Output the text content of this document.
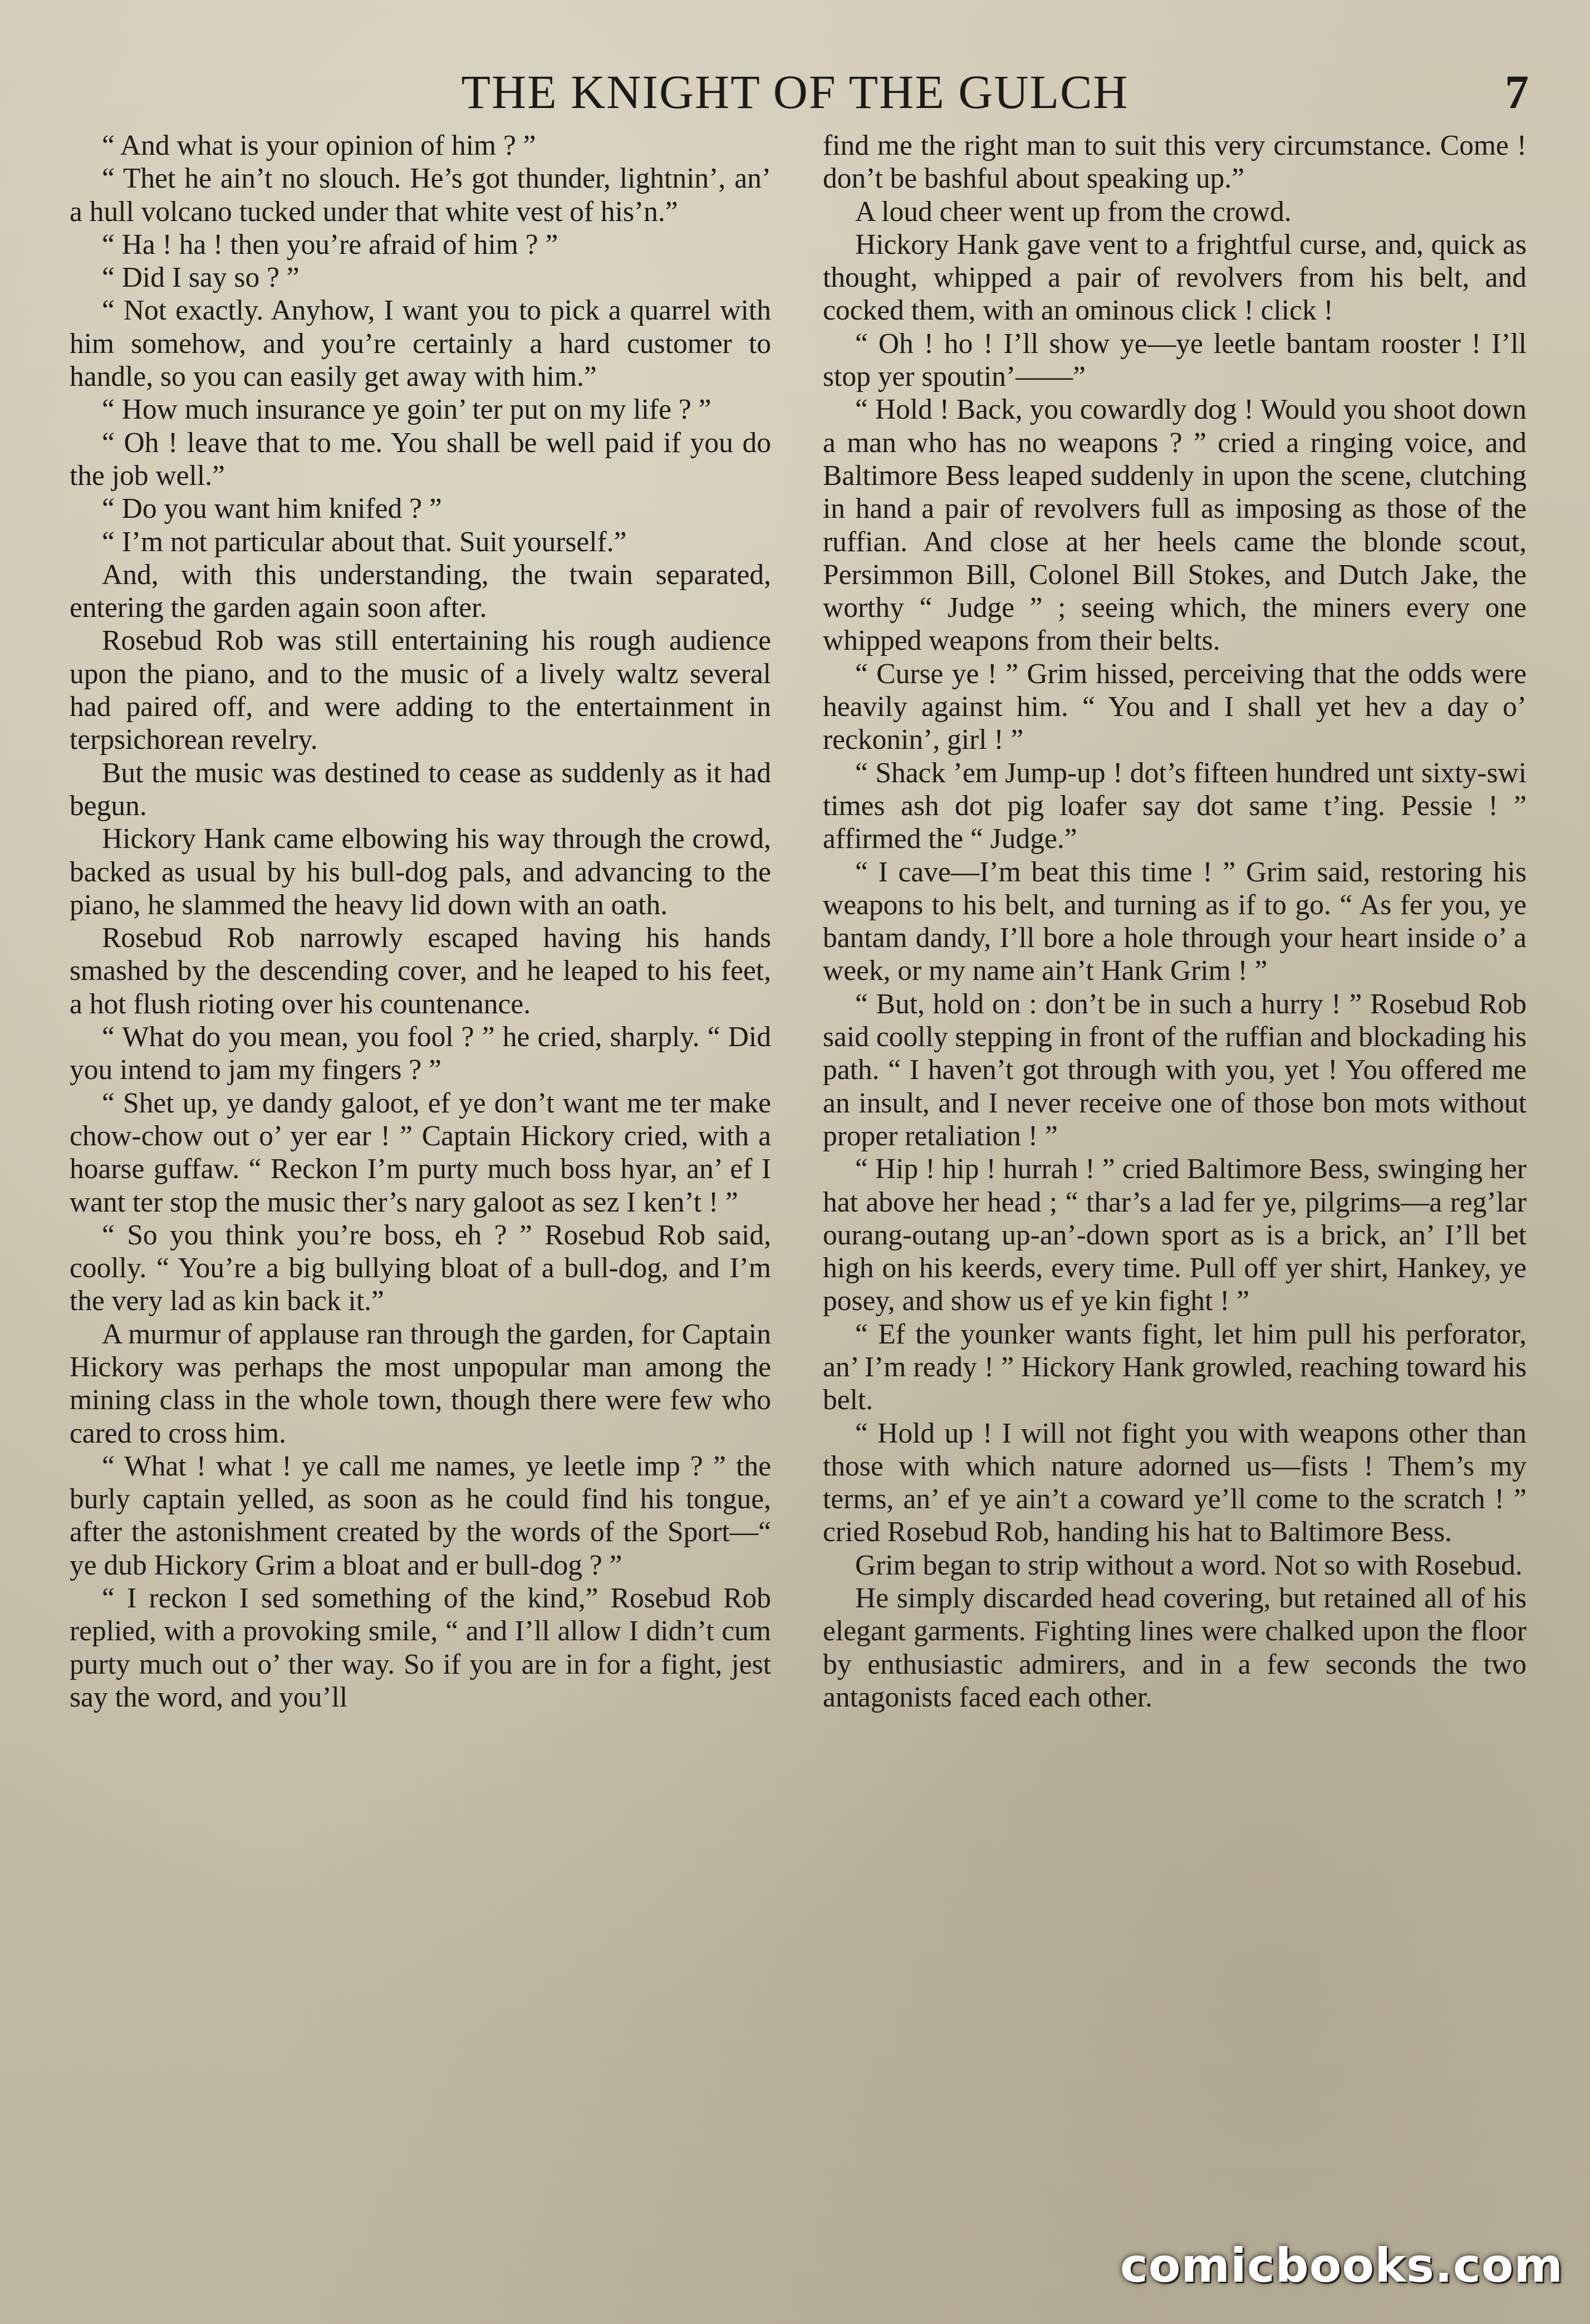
THE KNIGHT OF THE GULCH	7

“ And what is your opinion of him ? ”

“ Thet he ain’t no slouch. He’s got thunder, lightnin’, an’ a hull volcano tucked under that white vest of his’n.”

“ Ha ! ha ! then you’re afraid of him ? ”

“ Did I say so ? ”

“ Not exactly. Anyhow, I want you to pick a quarrel with him somehow, and you’re certainly a hard customer to handle, so you can easily get away with him.”

“ How much insurance ye goin’ ter put on my life ? ”

“ Oh ! leave that to me. You shall be well paid if you do the job well.”

“ Do you want him knifed ? ”

“ I’m not particular about that. Suit yourself.”

And, with this understanding, the twain separated, entering the garden again soon after.

Rosebud Rob was still entertaining his rough audience upon the piano, and to the music of a lively waltz several had paired off, and were adding to the entertainment in terpsichorean revelry.

But the music was destined to cease as suddenly as it had begun.

Hickory Hank came elbowing his way through the crowd, backed as usual by his bull-dog pals, and advancing to the piano, he slammed the heavy lid down with an oath.

Rosebud Rob narrowly escaped having his hands smashed by the descending cover, and he leaped to his feet, a hot flush rioting over his countenance.

“ What do you mean, you fool ? ” he cried, sharply. “ Did you intend to jam my fingers ? ”

“ Shet up, ye dandy galoot, ef ye don’t want me ter make chow-chow out o’ yer ear ! ” Captain Hickory cried, with a hoarse guffaw. “ Reckon I’m purty much boss hyar, an’ ef I want ter stop the music ther’s nary galoot as sez I ken’t ! ”

“ So you think you’re boss, eh ? ” Rosebud Rob said, coolly. “ You’re a big bullying bloat of a bull-dog, and I’m the very lad as kin back it.”

A murmur of applause ran through the garden, for Captain Hickory was perhaps the most unpopular man among the mining class in the whole town, though there were few who cared to cross him.

“ What ! what ! ye call me names, ye leetle imp ? ” the burly captain yelled, as soon as he could find his tongue, after the astonishment created by the words of the Sport—“ ye dub Hickory Grim a bloat and er bull-dog ? ”

“ I reckon I sed something of the kind,” Rosebud Rob replied, with a provoking smile, “ and I’ll allow I didn’t cum purty much out o’ ther way. So if you are in for a fight, jest say the word, and you’ll

find me the right man to suit this very circumstance. Come ! don’t be bashful about speaking up.”

A loud cheer went up from the crowd.

Hickory Hank gave vent to a frightful curse, and, quick as thought, whipped a pair of revolvers from his belt, and cocked them, with an ominous click ! click !

“ Oh ! ho ! I’ll show ye—ye leetle bantam rooster ! I’ll stop yer spoutin’——”

“ Hold ! Back, you cowardly dog ! Would you shoot down a man who has no weapons ? ” cried a ringing voice, and Baltimore Bess leaped suddenly in upon the scene, clutching in hand a pair of revolvers full as imposing as those of the ruffian. And close at her heels came the blonde scout, Persimmon Bill, Colonel Bill Stokes, and Dutch Jake, the worthy “ Judge ” ; seeing which, the miners every one whipped weapons from their belts.

“ Curse ye ! ” Grim hissed, perceiving that the odds were heavily against him. “ You and I shall yet hev a day o’ reckonin’, girl ! ”

“ Shack ’em Jump-up ! dot’s fifteen hundred unt sixty-swi times ash dot pig loafer say dot same t’ing. Pessie ! ” affirmed the “ Judge.”

“ I cave—I’m beat this time ! ” Grim said, restoring his weapons to his belt, and turning as if to go. “ As fer you, ye bantam dandy, I’ll bore a hole through your heart inside o’ a week, or my name ain’t Hank Grim ! ”

“ But, hold on : don’t be in such a hurry ! ” Rosebud Rob said coolly stepping in front of the ruffian and blockading his path. “ I haven’t got through with you, yet ! You offered me an insult, and I never receive one of those bon mots without proper retaliation ! ”

“ Hip ! hip ! hurrah ! ” cried Baltimore Bess, swinging her hat above her head ; “ thar’s a lad fer ye, pilgrims—a reg’lar ourang-outang up-an’-down sport as is a brick, an’ I’ll bet high on his keerds, every time. Pull off yer shirt, Hankey, ye posey, and show us ef ye kin fight ! ”

“ Ef the younker wants fight, let him pull his perforator, an’ I’m ready ! ” Hickory Hank growled, reaching toward his belt.

“ Hold up ! I will not fight you with weapons other than those with which nature adorned us—fists ! Them’s my terms, an’ ef ye ain’t a coward ye’ll come to the scratch ! ” cried Rosebud Rob, handing his hat to Baltimore Bess.

Grim began to strip without a word. Not so with Rosebud.

He simply discarded head covering, but retained all of his elegant garments. Fighting lines were chalked upon the floor by enthusiastic admirers, and in a few seconds the two antagonists faced each other.

comicbooks.com
